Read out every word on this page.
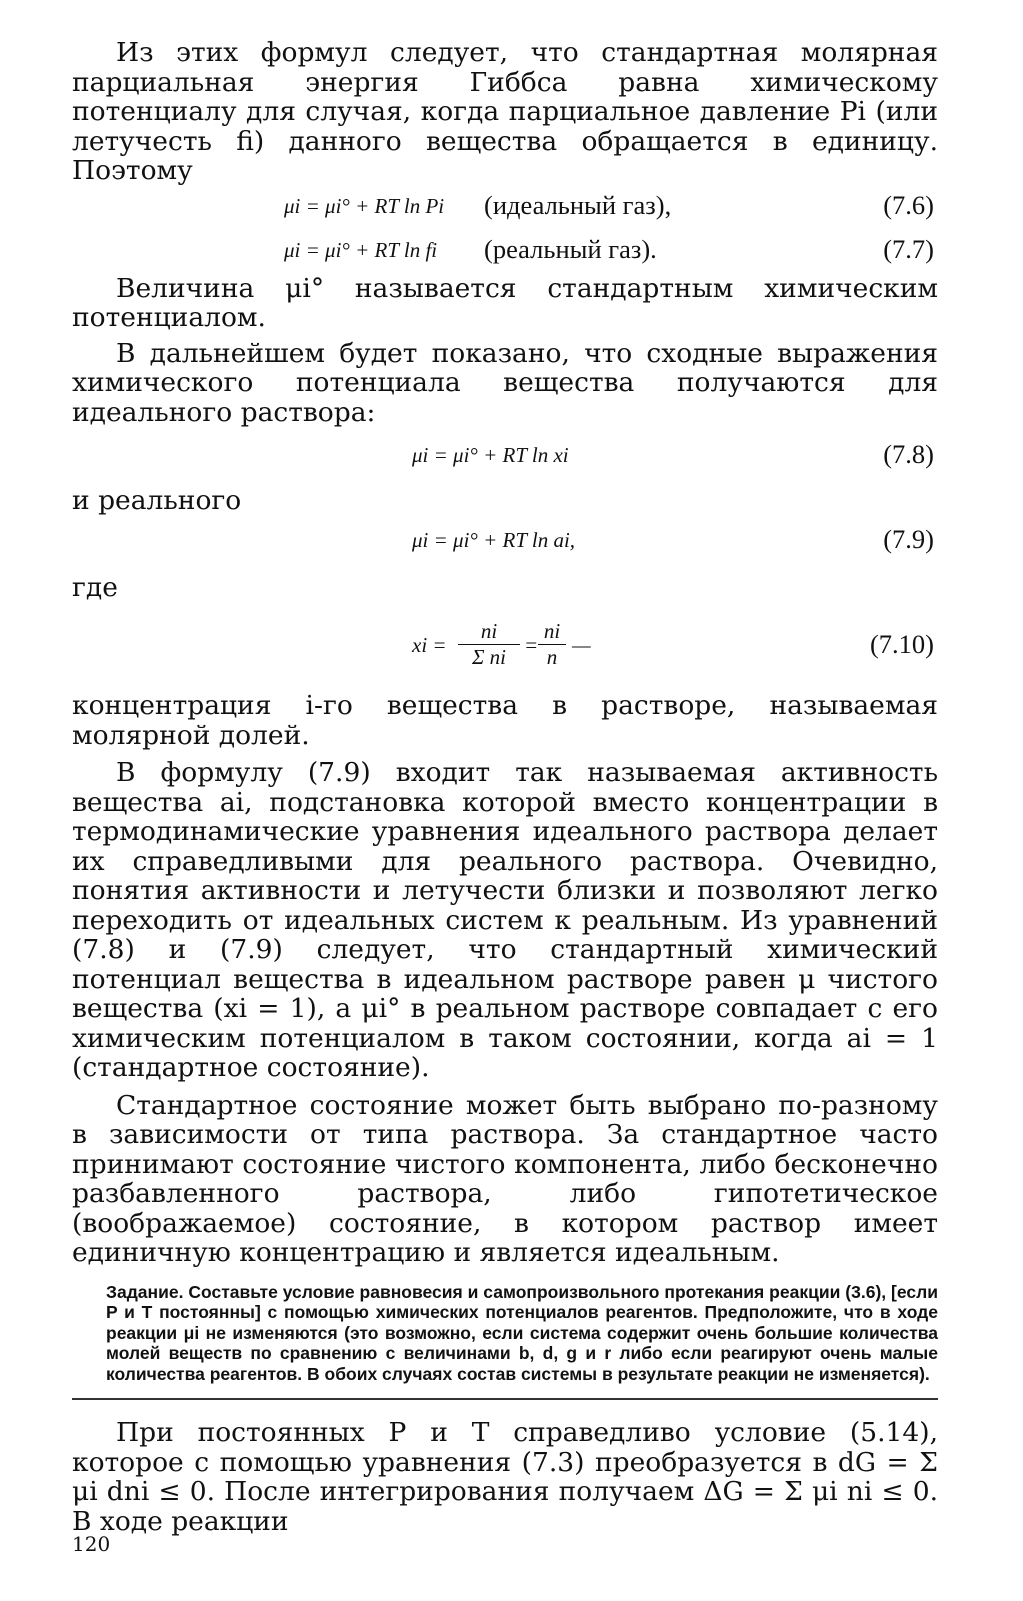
Из этих формул следует, что стандартная молярная парциальная энергия Гиббса равна химическому потенциалу для случая, когда парциальное давление Pi (или летучесть fi) данного вещества обращается в единицу. Поэтому

μi = μi° + RT ln Pi (идеальный газ),	(7.6)
μi = μi° + RT ln fi (реальный газ).	(7.7)

Величина μi° называется стандартным химическим потенциалом.

В дальнейшем будет показано, что сходные выражения химического потенциала вещества получаются для идеального раствора:

μi = μi° + RT ln xi	(7.8)

и реального

μi = μi° + RT ln ai,	(7.9)

где

xi = $\frac{ni}{\text{Σ ni}} = \frac{ni}{n}$ —	(7.10)

концентрация i-го вещества в растворе, называемая молярной долей.

В формулу (7.9) входит так называемая активность вещества ai, подстановка которой вместо концентрации в термодинамические уравнения идеального раствора делает их справедливыми для реального раствора. Очевидно, понятия активности и летучести близки и позволяют легко переходить от идеальных систем к реальным. Из уравнений (7.8) и (7.9) следует, что стандартный химический потенциал вещества в идеальном растворе равен μ чистого вещества (xi = 1), а μi° в реальном растворе совпадает с его химическим потенциалом в таком состоянии, когда ai = 1 (стандартное состояние).

Стандартное состояние может быть выбрано по-разному в зависимости от типа раствора. За стандартное часто принимают состояние чистого компонента, либо бесконечно разбавленного раствора, либо гипотетическое (воображаемое) состояние, в котором раствор имеет единичную концентрацию и является идеальным.

Задание. Составьте условие равновесия и самопроизвольного протекания реакции (3.6), [если P и T постоянны] с помощью химических потенциалов реагентов. Предположите, что в ходе реакции μi не изменяются (это возможно, если система содержит очень большие количества молей веществ по сравнению с величинами b, d, g и r либо если реагируют очень малые количества реагентов. В обоих случаях состав системы в результате реакции не изменяется).

При постоянных P и T справедливо условие (5.14), которое с помощью уравнения (7.3) преобразуется в dG = Σ μi dni ≤ 0. После интегрирования получаем ΔG = Σ μi ni ≤ 0. В ходе реакции

120
